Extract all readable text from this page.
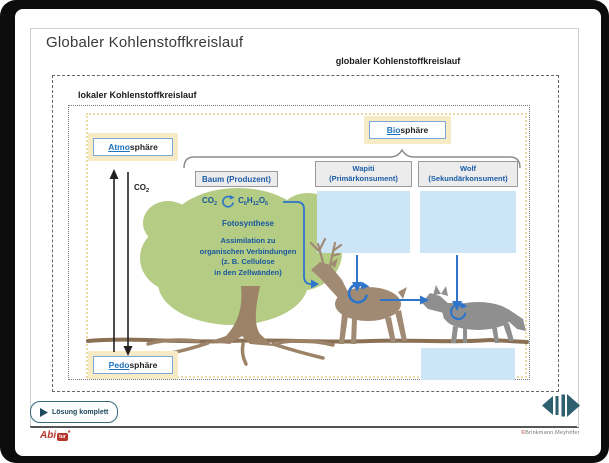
Globaler Kohlenstoffkreislauf
globaler Kohlenstoffkreislauf
lokaler Kohlenstoffkreislauf
Wapiti
(Primärkonsument)
Wolf
(Sekundärkonsument)
Atmosphäre
Biosphäre
Pedosphäre
Baum (Produzent)
$CO_2$	$C_6H_{12}O_6$
Fotosynthese
Assimilation zu
organischen Verbindungen
(z. B. Cellulose
in den Zellwänden)
$CO_2$
Lösung komplett
Abi tur *	©Brinkmann.Meyhöfer
